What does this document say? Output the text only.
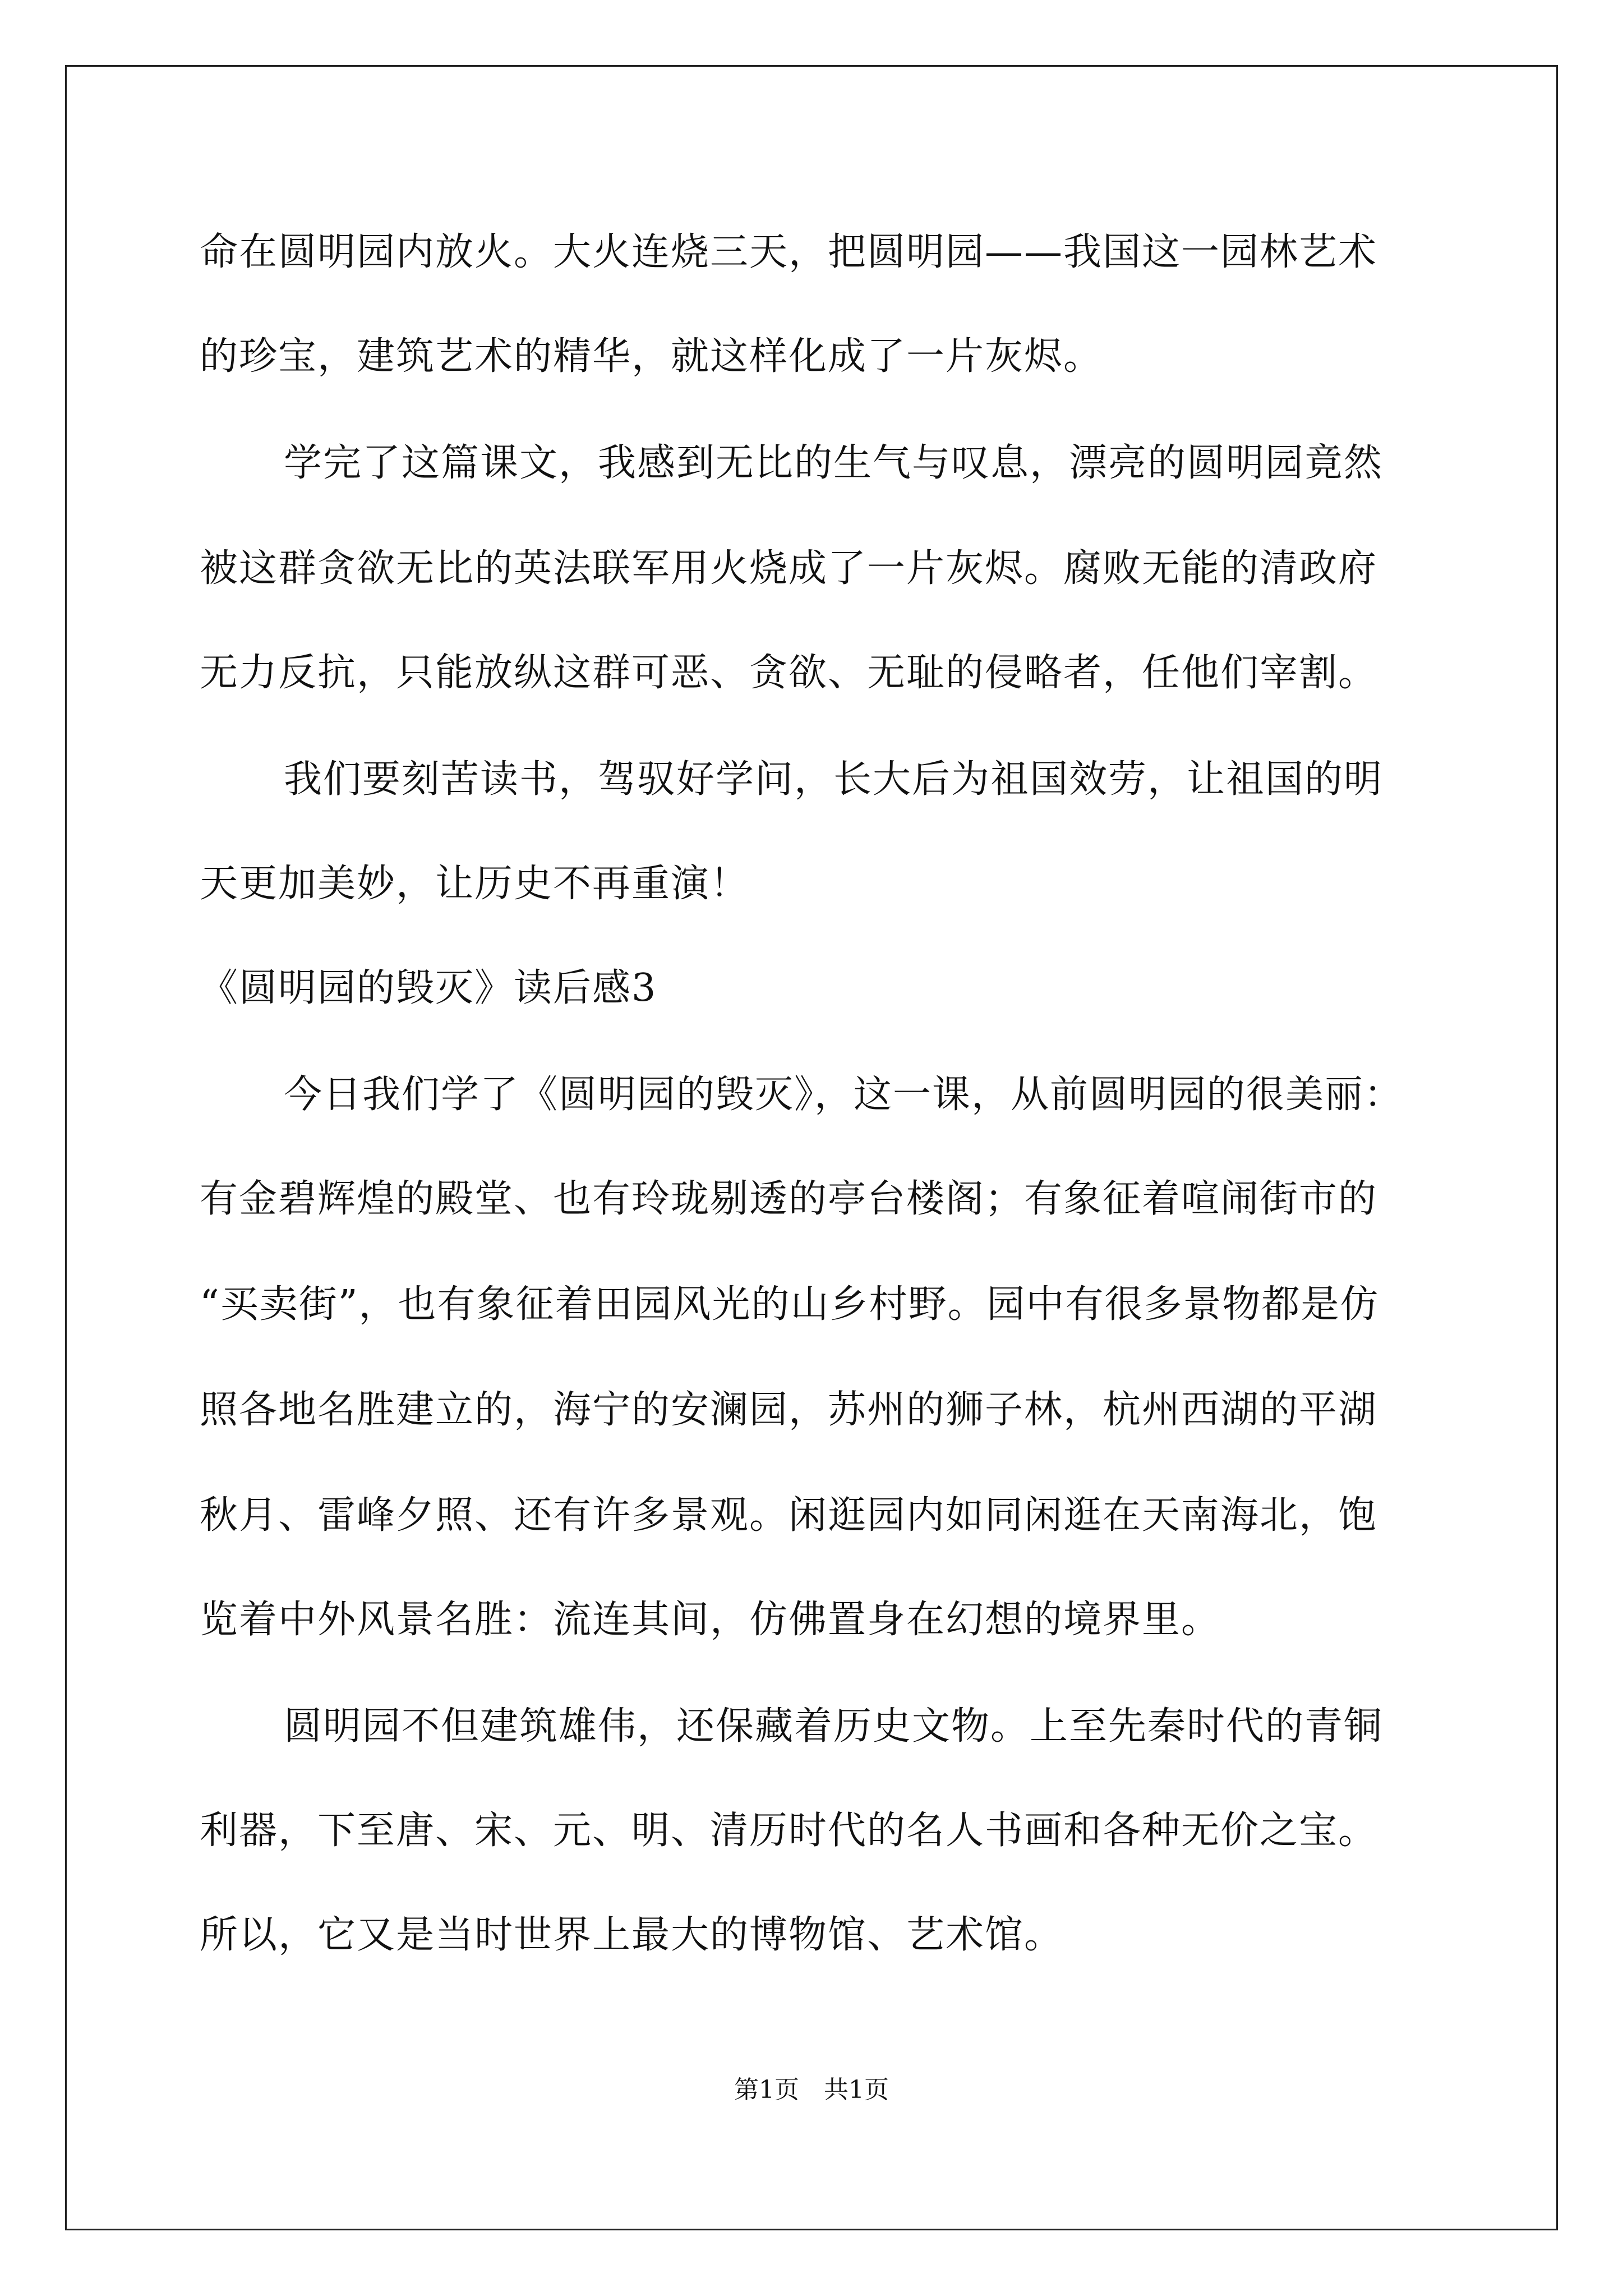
命在圆明园内放火。大火连烧三天，把圆明园——我国这一园林艺术
的珍宝，建筑艺术的精华，就这样化成了一片灰烬。
学完了这篇课文，我感到无比的生气与叹息，漂亮的圆明园竟然
被这群贪欲无比的英法联军用火烧成了一片灰烬。腐败无能的清政府
无力反抗，只能放纵这群可恶、贪欲、无耻的侵略者，任他们宰割。
我们要刻苦读书，驾驭好学问，长大后为祖国效劳，让祖国的明
天更加美妙，让历史不再重演！
《圆明园的毁灭》读后感3
今日我们学了《圆明园的毁灭》，这一课，从前圆明园的很美丽：
有金碧辉煌的殿堂、也有玲珑剔透的亭台楼阁；有象征着喧闹街市的
“买卖街”，也有象征着田园风光的山乡村野。园中有很多景物都是仿
照各地名胜建立的，海宁的安澜园，苏州的狮子林，杭州西湖的平湖
秋月、雷峰夕照、还有许多景观。闲逛园内如同闲逛在天南海北，饱
览着中外风景名胜：流连其间，仿佛置身在幻想的境界里。
圆明园不但建筑雄伟，还保藏着历史文物。上至先秦时代的青铜
利器，下至唐、宋、元、明、清历时代的名人书画和各种无价之宝。
所以，它又是当时世界上最大的博物馆、艺术馆。
第1页 共1页
